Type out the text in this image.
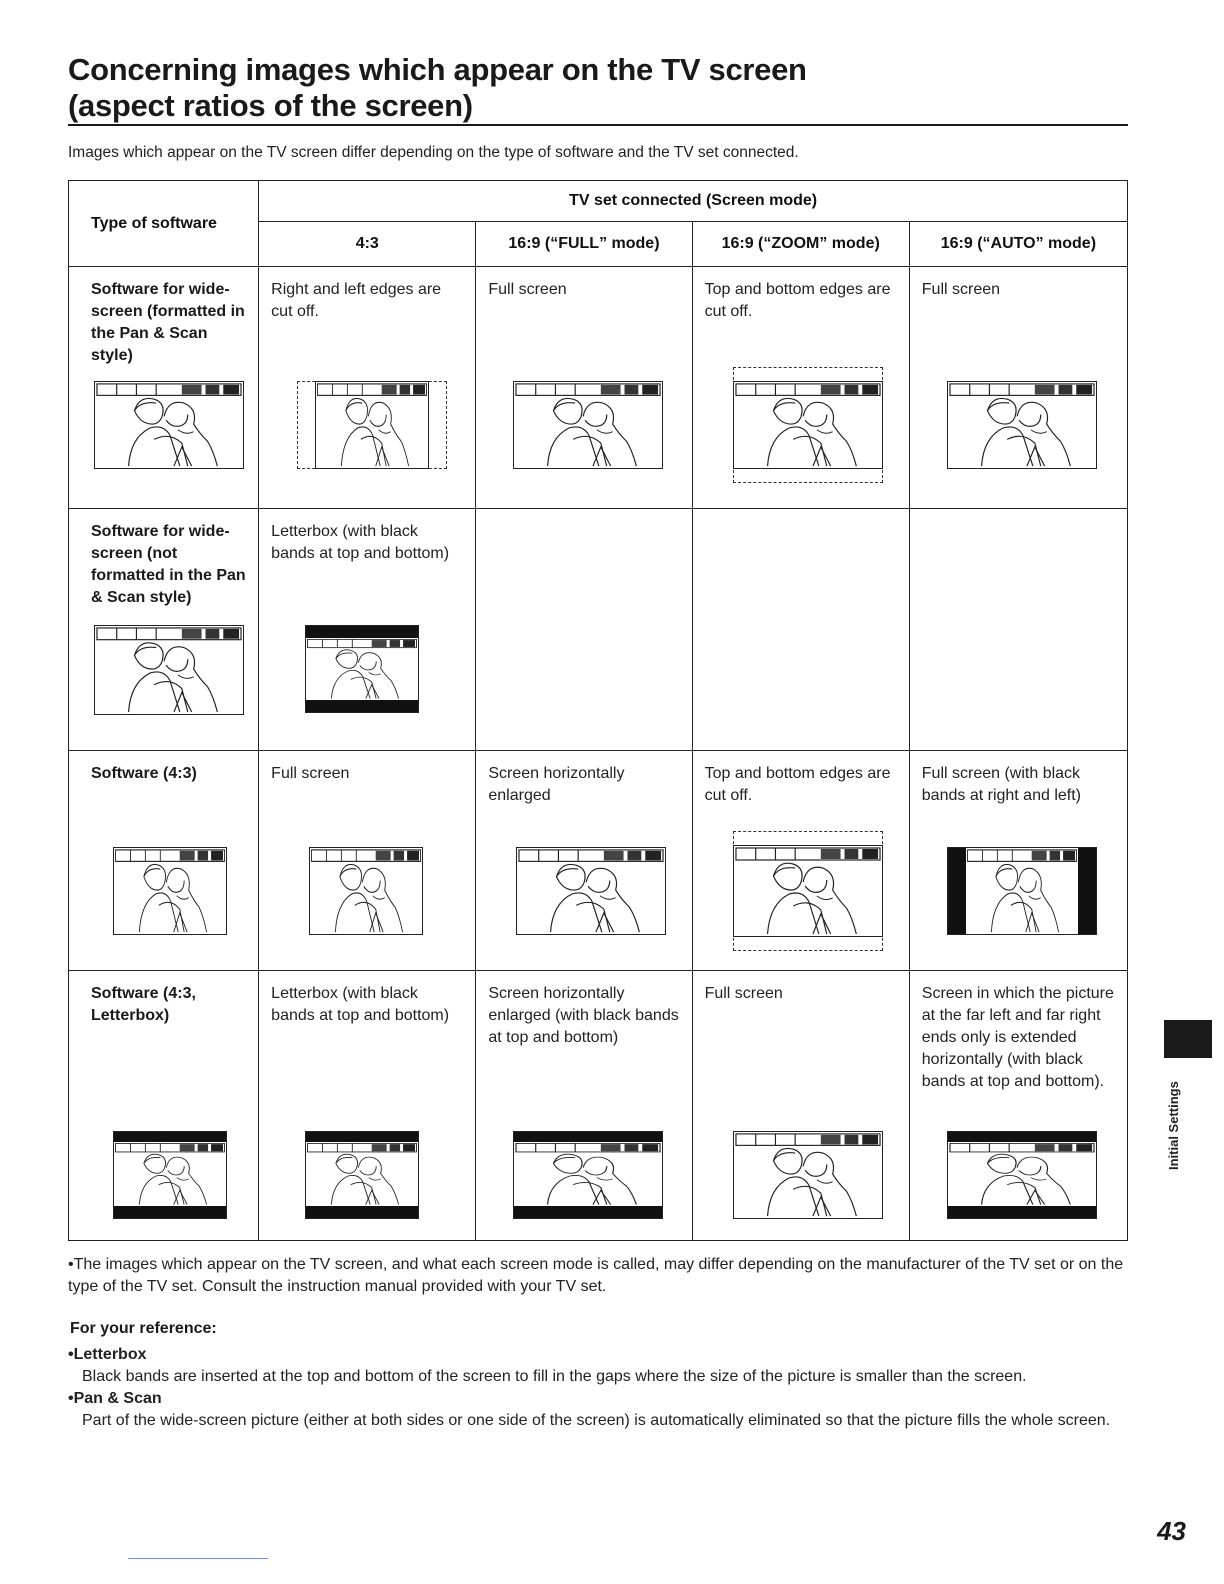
Concerning images which appear on the TV screen
(aspect ratios of the screen)
Images which appear on the TV screen differ depending on the type of software and the TV set connected.
Type of software	TV set connected (Screen mode)			
	4:3	16:9 (“FULL” mode)	16:9 (“ZOOM” mode)	16:9 (“AUTO” mode)

Software for wide-screen (formatted in the Pan & Scan style)	Right and left edges are cut off.	Full screen	Top and bottom edges are cut off.	Full screen

Software for wide-screen (not formatted in the Pan & Scan style)	Letterbox (with black bands at top and bottom)			

Software (4:3)	Full screen	Screen horizontally enlarged	Top and bottom edges are cut off.	Full screen (with black bands at right and left)

Software (4:3, Letterbox)	Letterbox (with black bands at top and bottom)	Screen horizontally enlarged (with black bands at top and bottom)	Full screen	Screen in which the picture at the far left and far right ends only is extended horizontally (with black bands at top and bottom).	Initial Settings
•The images which appear on the TV screen, and what each screen mode is called, may differ depending on the manufacturer of the TV set or on the type of the TV set. Consult the instruction manual provided with your TV set.
For your reference:
•Letterbox
Black bands are inserted at the top and bottom of the screen to fill in the gaps where the size of the picture is smaller than the screen.
•Pan & Scan
Part of the wide-screen picture (either at both sides or one side of the screen) is automatically eliminated so that the picture fills the whole screen.
43
